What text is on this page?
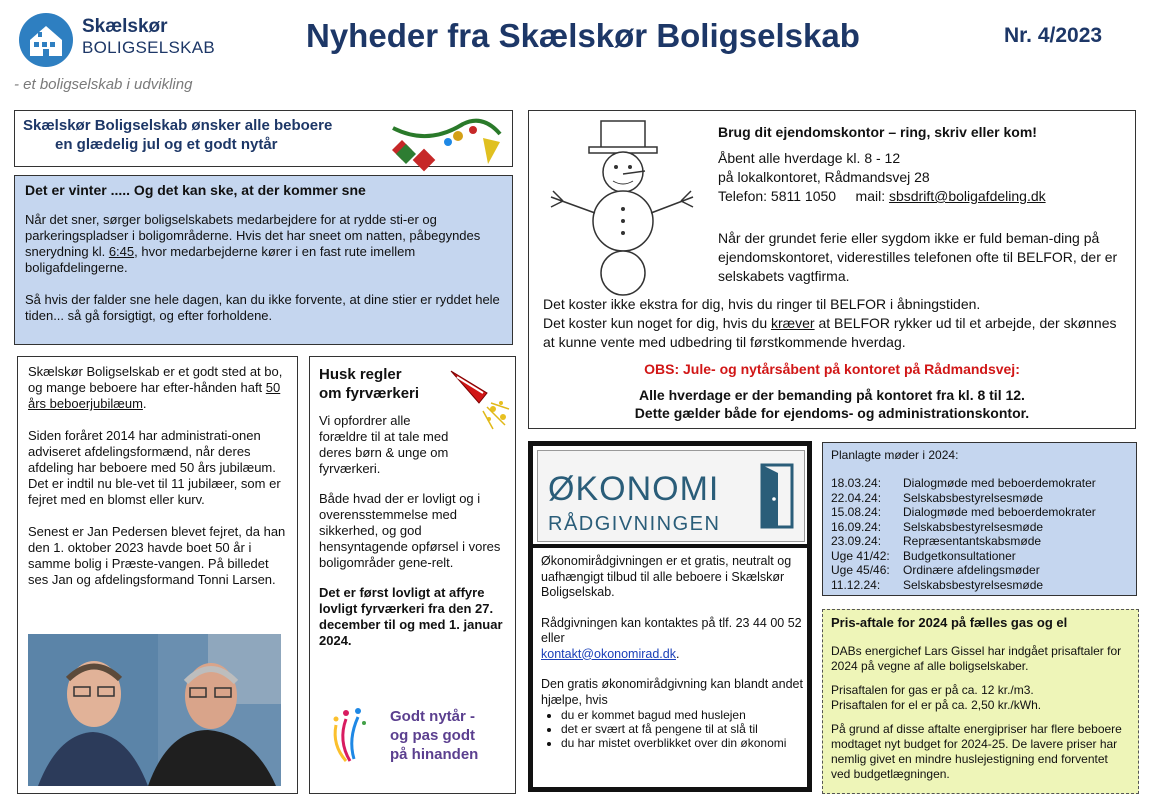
Skælskør
BOLIGSELSKAB
- et boligselskab i udvikling
Nyheder fra Skælskør Boligselskab	Nr. 4/2023
Skælskør Boligselskab ønsker alle beboere
en glædelig jul og et godt nytår

Det er vinter ..... Og det kan ske, at der kommer sne

Når det sner, sørger boligselskabets medarbejdere for at rydde sti-er og parkeringspladser i boligområderne. Hvis det har sneet om natten, påbegyndes snerydning kl. 6:45, hvor medarbejderne kører i en fast rute imellem boligafdelingerne.

Så hvis der falder sne hele dagen, kan du ikke forvente, at dine stier er ryddet hele tiden... så gå forsigtigt, og efter forholdene.

Brug dit ejendomskontor – ring, skriv eller kom!

Åbent alle hverdage kl. 8 - 12
på lokalkontoret, Rådmandsvej 28
Telefon: 5811 1050 mail: sbsdrift@boligafdeling.dk

Når der grundet ferie eller sygdom ikke er fuld beman-ding på ejendomskontoret, viderestilles telefonen ofte til BELFOR, der er selskabets vagtfirma.

Det koster ikke ekstra for dig, hvis du ringer til BELFOR i åbningstiden.
Det koster kun noget for dig, hvis du kræver at BELFOR rykker ud til et arbejde, der skønnes at kunne vente med udbedring til førstkommende hverdag.

OBS: Jule- og nytårsåbent på kontoret på Rådmandsvej:

Alle hverdage er der bemanding på kontoret fra kl. 8 til 12.

Dette gælder både for ejendoms- og administrationskontor.

Skælskør Boligselskab er et godt sted at bo, og mange beboere har efter-hånden haft 50 års beboerjubilæum.

Siden foråret 2014 har administrati-onen adviseret afdelingsformænd, når deres afdeling har beboere med 50 års jubilæum. Det er indtil nu ble-vet til 11 jubilæer, som er fejret med en blomst eller kurv.

Senest er Jan Pedersen blevet fejret, da han den 1. oktober 2023 havde boet 50 år i samme bolig i Præste-vangen. På billedet ses Jan og afdelingsformand Tonni Larsen.

Husk regler
om fyrværkeri

Vi opfordrer alle forældre til at tale med deres børn & unge om fyrværkeri.

Både hvad der er lovligt og i overensstemmelse med sikkerhed, og god hensyntagende opførsel i vores boligområder gene-relt.

Det er først lovligt at affyre lovligt fyrværkeri fra den 27. december til og med 1. januar 2024.

Godt nytår -
og pas godt
på hinanden
ØKONOMI
RÅDGIVNINGEN

Økonomirådgivningen er et gratis, neutralt og uafhængigt tilbud til alle beboere i Skælskør Boligselskab.

Rådgivningen kan kontaktes på tlf. 23 44 00 52 eller

kontakt@okonomirad.dk.

Den gratis økonomirådgivning kan blandt andet hjælpe, hvis

• du er kommet bagud med huslejen
• det er svært at få pengene til at slå til
• du har mistet overblikket over din økonomi
Planlagte møder i 2024:
18.03.24:	Dialogmøde med beboerdemokrater
22.04.24:	Selskabsbestyrelsesmøde
15.08.24:	Dialogmøde med beboerdemokrater
16.09.24:	Selskabsbestyrelsesmøde
23.09.24:	Repræsentantskabsmøde
Uge 41/42:	Budgetkonsultationer
Uge 45/46:	Ordinære afdelingsmøder
11.12.24:	Selskabsbestyrelsesmøde
Pris-aftale for 2024 på fælles gas og el

DABs energichef Lars Gissel har indgået prisaftaler for 2024 på vegne af alle boligselskaber.

Prisaftalen for gas er på ca. 12 kr./m3.

Prisaftalen for el er på ca. 2,50 kr./kWh.

På grund af disse aftalte energipriser har flere beboere modtaget nyt budget for 2024-25. De lavere priser har nemlig givet en mindre huslejestigning end forventet ved budgetlægningen.
